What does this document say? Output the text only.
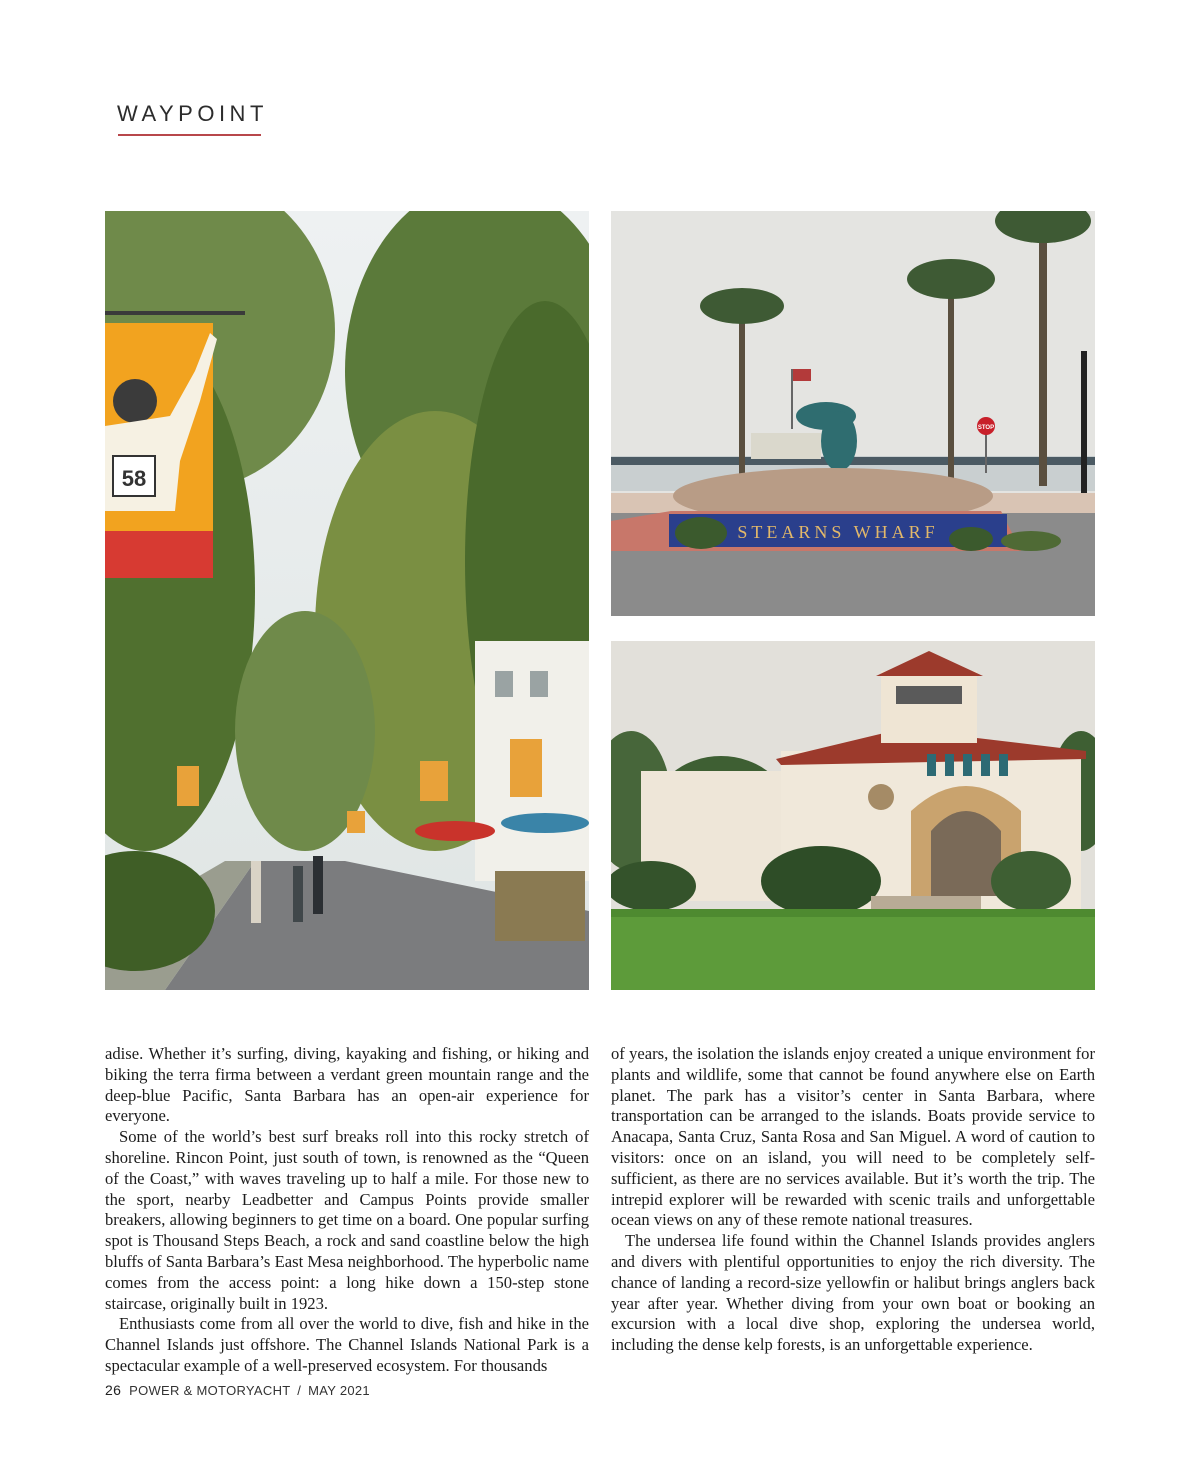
WAYPOINT
58
STOP
STEARNS WHARF

adise. Whether it’s surfing, diving, kayaking and fishing, or hiking and biking the terra firma between a verdant green mountain range and the deep-blue Pacific, Santa Barbara has an open-air experience for everyone.

Some of the world’s best surf breaks roll into this rocky stretch of shoreline. Rincon Point, just south of town, is renowned as the “Queen of the Coast,” with waves traveling up to half a mile. For those new to the sport, nearby Leadbetter and Campus Points provide smaller breakers, allowing beginners to get time on a board. One popular surfing spot is Thousand Steps Beach, a rock and sand coastline below the high bluffs of Santa Barbara’s East Mesa neighborhood. The hyperbolic name comes from the access point: a long hike down a 150-step stone staircase, originally built in 1923.

Enthusiasts come from all over the world to dive, fish and hike in the Channel Islands just offshore. The Channel Islands National Park is a spectacular example of a well-preserved ecosystem. For thousands

of years, the isolation the islands enjoy created a unique environment for plants and wildlife, some that cannot be found anywhere else on Earth planet. The park has a visitor’s center in Santa Barbara, where transportation can be arranged to the islands. Boats provide service to Anacapa, Santa Cruz, Santa Rosa and San Miguel. A word of caution to visitors: once on an island, you will need to be completely self-sufficient, as there are no services available. But it’s worth the trip. The intrepid explorer will be rewarded with scenic trails and unforgettable ocean views on any of these remote national treasures.

The undersea life found within the Channel Islands provides anglers and divers with plentiful opportunities to enjoy the rich diversity. The chance of landing a record-size yellowfin or halibut brings anglers back year after year. Whether diving from your own boat or booking an excursion with a local dive shop, exploring the undersea world, including the dense kelp forests, is an unforgettable experience.

26 POWER & MOTORYACHT / MAY 2021
